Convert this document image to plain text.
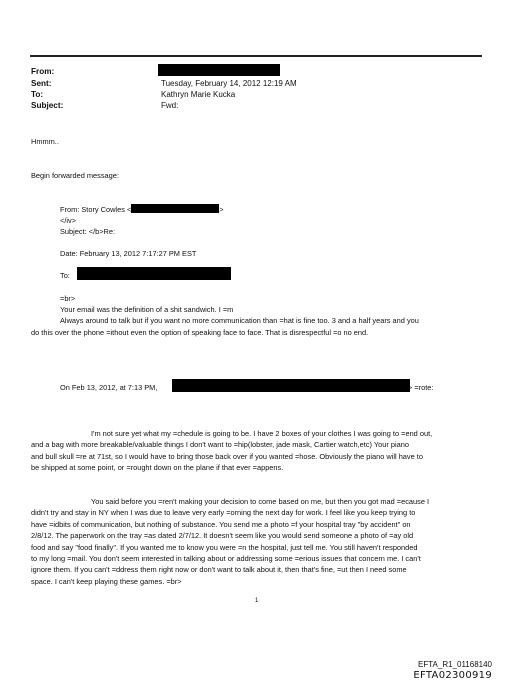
From:
Sent:	Tuesday, February 14, 2012 12:19 AM
To:	Kathryn Marie Kucka
Subject:	Fwd:
Hmmm..
Begin forwarded message:
From: Story Cowles <	>
</iv>
Subject: </b>Re:
Date: February 13, 2012 7:17:27 PM EST
To:
=br>
Your email was the definition of a shit sandwich. I =m
Always around to talk but if you want no more communication than =hat is fine too. 3 and a half years and you
do this over the phone =ithout even the option of speaking face to face. That is disrespectful =o no end.
On Feb 13, 2012, at 7:13 PM,	> =rote:
I'm not sure yet what my =chedule is going to be. I have 2 boxes of your clothes I was going to =end out,
and a bag with more breakable/valuable things I don't want to =hip(lobster, jade mask, Cartier watch,etc) Your piano
and bull skull =re at 71st, so I would have to bring those back over if you wanted =hose. Obviously the piano will have to
be shipped at some point, or =rought down on the plane if that ever =appens.
You said before you =ren't making your decision to come based on me, but then you got mad =ecause I
didn't try and stay in NY when I was due to leave very early =orning the next day for work. I feel like you keep trying to
have =idbits of communication, but nothing of substance. You send me a photo =f your hospital tray "by accident" on
2/8/12. The paperwork on the tray =as dated 2/7/12. It doesn't seem like you would send someone a photo of =ay old
food and say "food finally". If you wanted me to know you were =n the hospital, just tell me. You still haven't responded
to my long =mail. You don't seem interested in talking about or addressing some =erious issues that concern me. I can't
ignore them. If you can't =ddress them right now or don't want to talk about it, then that's fine, =ut then I need some
space. I can't keep playing these games. =br>
1
EFTA_R1_01168140
EFTA02300919
